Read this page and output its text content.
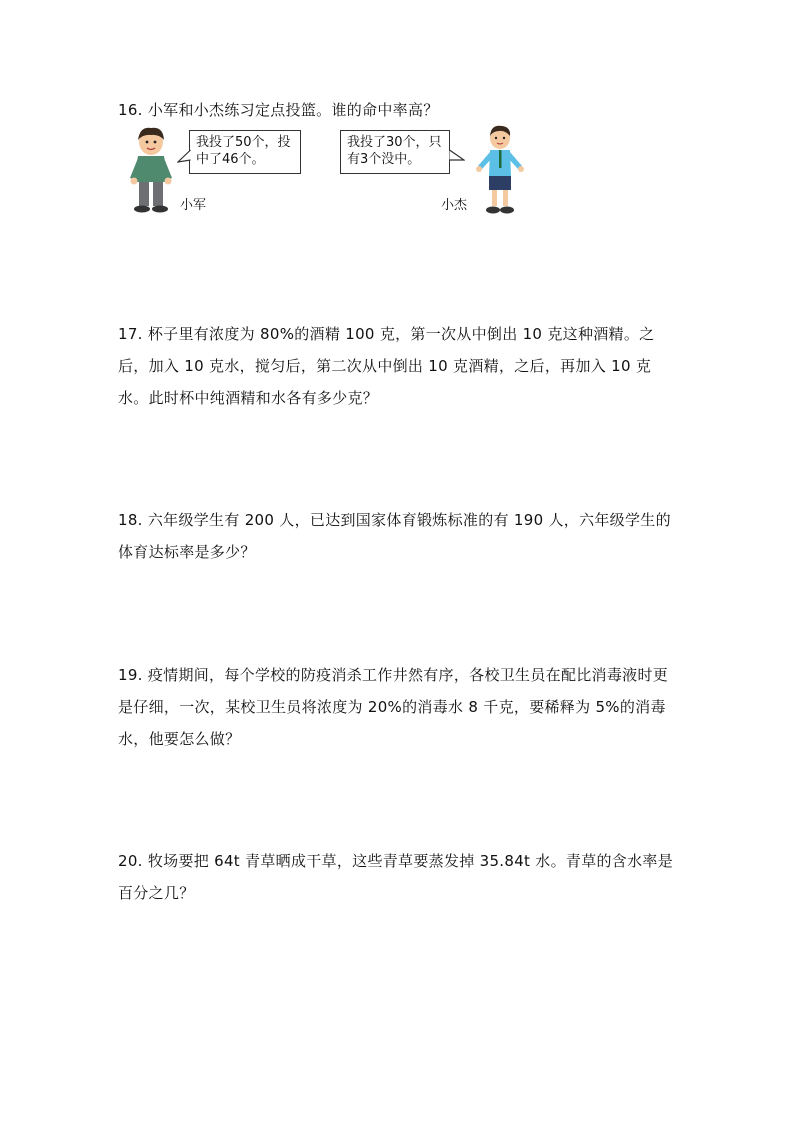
16. 小军和小杰练习定点投篮。谁的命中率高？
我投了50个，投
中了46个。
我投了30个，只
有3个没中。
小军	小杰
17. 杯子里有浓度为 80%的酒精 100 克，第一次从中倒出 10 克这种酒精。之后，加入 10 克水，搅匀后，第二次从中倒出 10 克酒精，之后，再加入 10 克水。此时杯中纯酒精和水各有多少克？
18. 六年级学生有 200 人，已达到国家体育锻炼标准的有 190 人，六年级学生的体育达标率是多少？
19. 疫情期间，每个学校的防疫消杀工作井然有序，各校卫生员在配比消毒液时更是仔细，一次，某校卫生员将浓度为 20%的消毒水 8 千克，要稀释为 5%的消毒水，他要怎么做？
20. 牧场要把 64t 青草晒成干草，这些青草要蒸发掉 35.84t 水。青草的含水率是百分之几？
